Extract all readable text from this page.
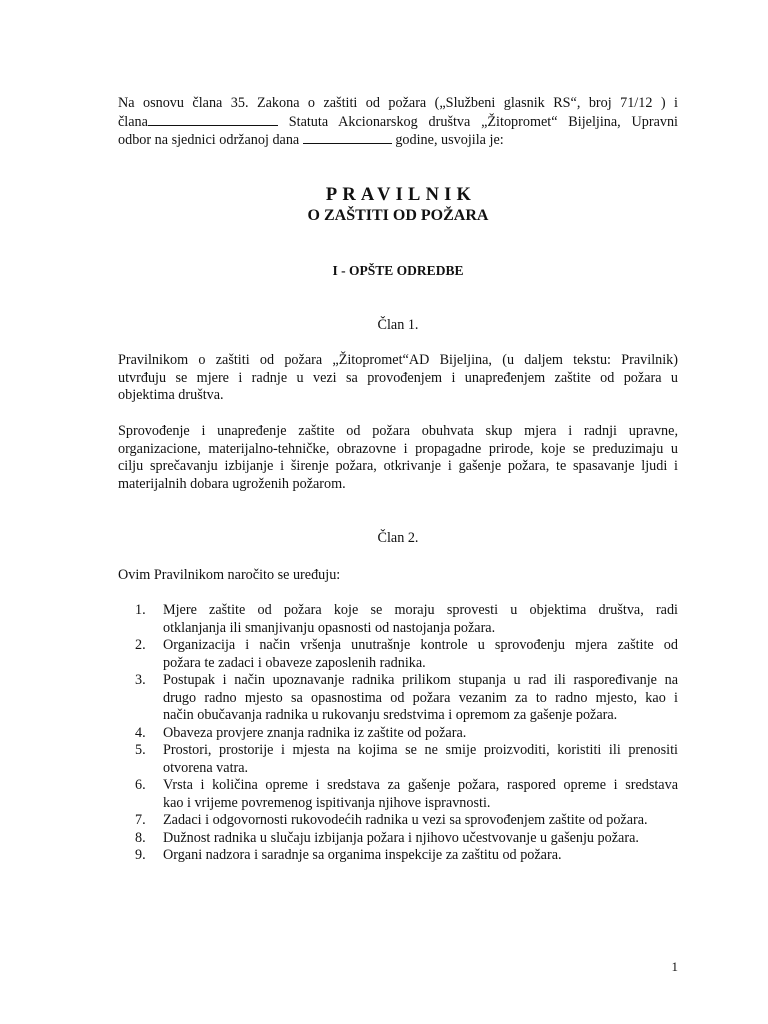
Na osnovu člana 35. Zakona o zaštiti od požara („Službeni glasnik RS“, broj 71/12 ) i
člana	Statuta Akcionarskog društva „Žitopromet“ Bijeljina, Upravni
odbor na sjednici održanoj dana	godine, usvojila je:
PRAVILNIK
O ZAŠTITI OD POŽARA
I - OPŠTE ODREDBE
Član 1.
Pravilnikom o zaštiti od požara „Žitopromet“AD Bijeljina, (u daljem tekstu: Pravilnik)
utvrđuju se mjere i radnje u vezi sa provođenjem i unapređenjem zaštite od požara u
objektima društva.
Sprovođenje i unapređenje zaštite od požara obuhvata skup mjera i radnji upravne,
organizacione, materijalno-tehničke, obrazovne i propagadne prirode, koje se preduzimaju u
cilju sprečavanju izbijanje i širenje požara, otkrivanje i gašenje požara, te spasavanje ljudi i
materijalnih dobara ugroženih požarom.
Član 2.
Ovim Pravilnikom naročito se uređuju:
1. Mjere zaštite od požara koje se moraju sprovesti u objektima društva, radi
otklanjanja ili smanjivanju opasnosti od nastojanja požara.
2. Organizacija i način vršenja unutrašnje kontrole u sprovođenju mjera zaštite od
požara te zadaci i obaveze zaposlenih radnika.
3. Postupak i način upoznavanje radnika prilikom stupanja u rad ili raspoređivanje na
drugo radno mjesto sa opasnostima od požara vezanim za to radno mjesto, kao i
način obučavanja radnika u rukovanju sredstvima i opremom za gašenje požara.
4. Obaveza provjere znanja radnika iz zaštite od požara.
5. Prostori, prostorije i mjesta na kojima se ne smije proizvoditi, koristiti ili prenositi
otvorena vatra.
6. Vrsta i količina opreme i sredstava za gašenje požara, raspored opreme i sredstava
kao i vrijeme povremenog ispitivanja njihove ispravnosti.
7. Zadaci i odgovornosti rukovodećih radnika u vezi sa sprovođenjem zaštite od požara.
8. Dužnost radnika u slučaju izbijanja požara i njihovo učestvovanje u gašenju požara.
9. Organi nadzora i saradnje sa organima inspekcije za zaštitu od požara.
1
